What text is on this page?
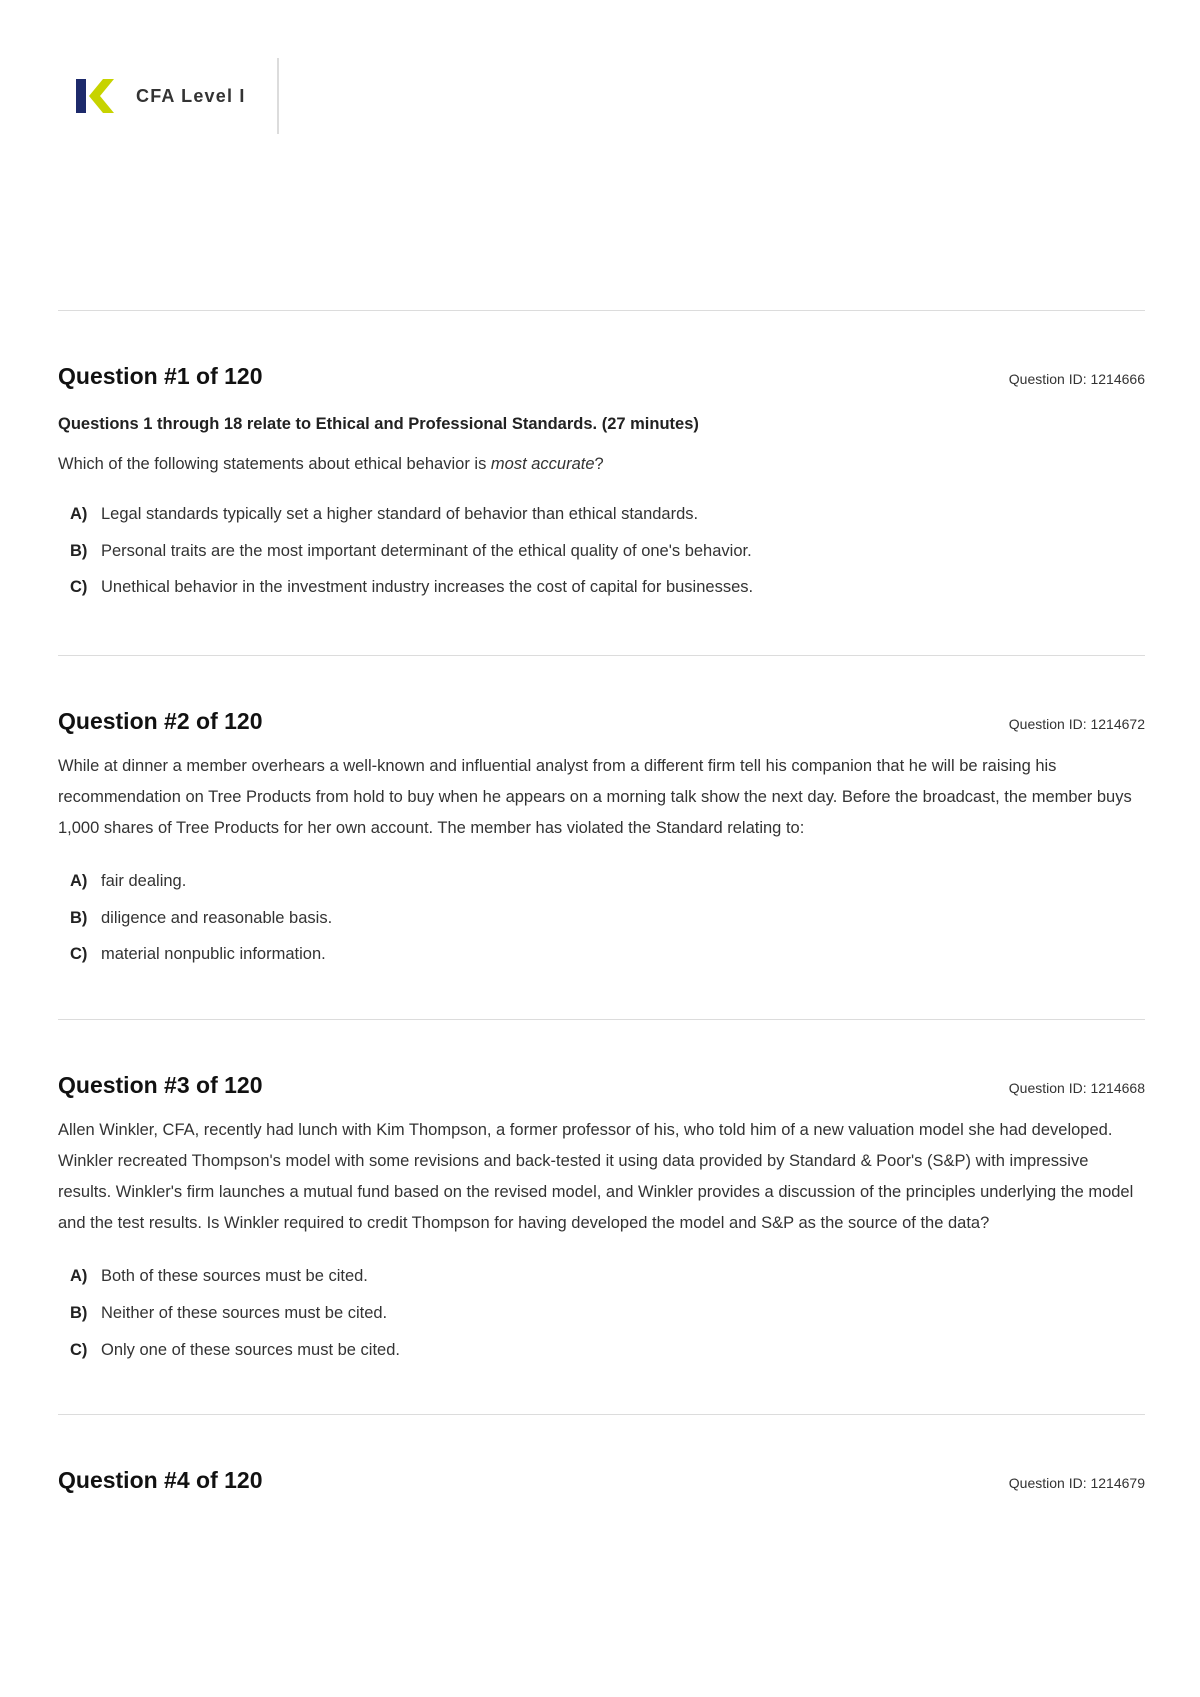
CFA Level I
Question #1 of 120	Question ID: 1214666
Questions 1 through 18 relate to Ethical and Professional Standards. (27 minutes)
Which of the following statements about ethical behavior is most accurate?
A) Legal standards typically set a higher standard of behavior than ethical standards.
B) Personal traits are the most important determinant of the ethical quality of one's behavior.
C) Unethical behavior in the investment industry increases the cost of capital for businesses.
Question #2 of 120	Question ID: 1214672
While at dinner a member overhears a well-known and influential analyst from a different firm tell his companion that he will be raising his recommendation on Tree Products from hold to buy when he appears on a morning talk show the next day. Before the broadcast, the member buys 1,000 shares of Tree Products for her own account. The member has violated the Standard relating to:
A) fair dealing.
B) diligence and reasonable basis.
C) material nonpublic information.
Question #3 of 120	Question ID: 1214668
Allen Winkler, CFA, recently had lunch with Kim Thompson, a former professor of his, who told him of a new valuation model she had developed. Winkler recreated Thompson's model with some revisions and back-tested it using data provided by Standard & Poor's (S&P) with impressive results. Winkler's firm launches a mutual fund based on the revised model, and Winkler provides a discussion of the principles underlying the model and the test results. Is Winkler required to credit Thompson for having developed the model and S&P as the source of the data?
A) Both of these sources must be cited.
B) Neither of these sources must be cited.
C) Only one of these sources must be cited.
Question #4 of 120	Question ID: 1214679
